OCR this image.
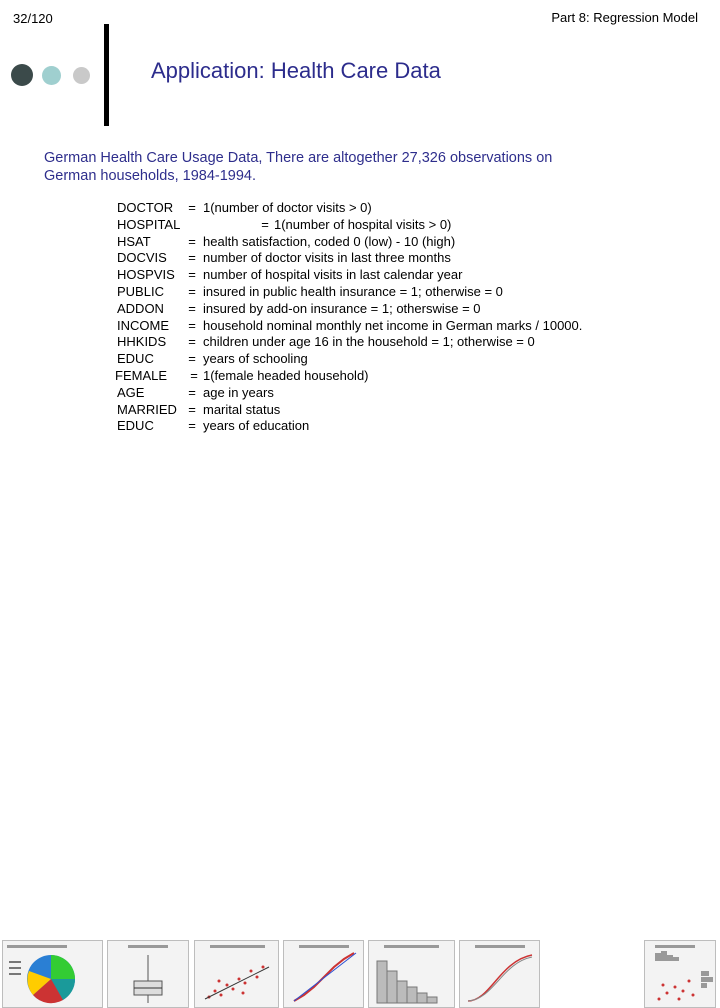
32/120	Part 8: Regression Model
Application: Health Care Data
German Health Care Usage Data, There are altogether 27,326 observations on
German households, 1984-1994.
DOCTOR = 1(number of doctor visits > 0)
HOSPITAL	= 1(number of hospital visits > 0)
HSAT	= health satisfaction, coded 0 (low) - 10 (high)
DOCVIS = number of doctor visits in last three months
HOSPVIS = number of hospital visits in last calendar year
PUBLIC = insured in public health insurance = 1; otherwise = 0
ADDON = insured by add-on insurance = 1; otherswise = 0
INCOME = household nominal monthly net income in German marks / 10000.
HHKIDS = children under age 16 in the household = 1; otherwise = 0
EDUC	= years of schooling
FEMALE = 1(female headed household)
AGE	= age in years
MARRIED = marital status
EDUC	= years of education
